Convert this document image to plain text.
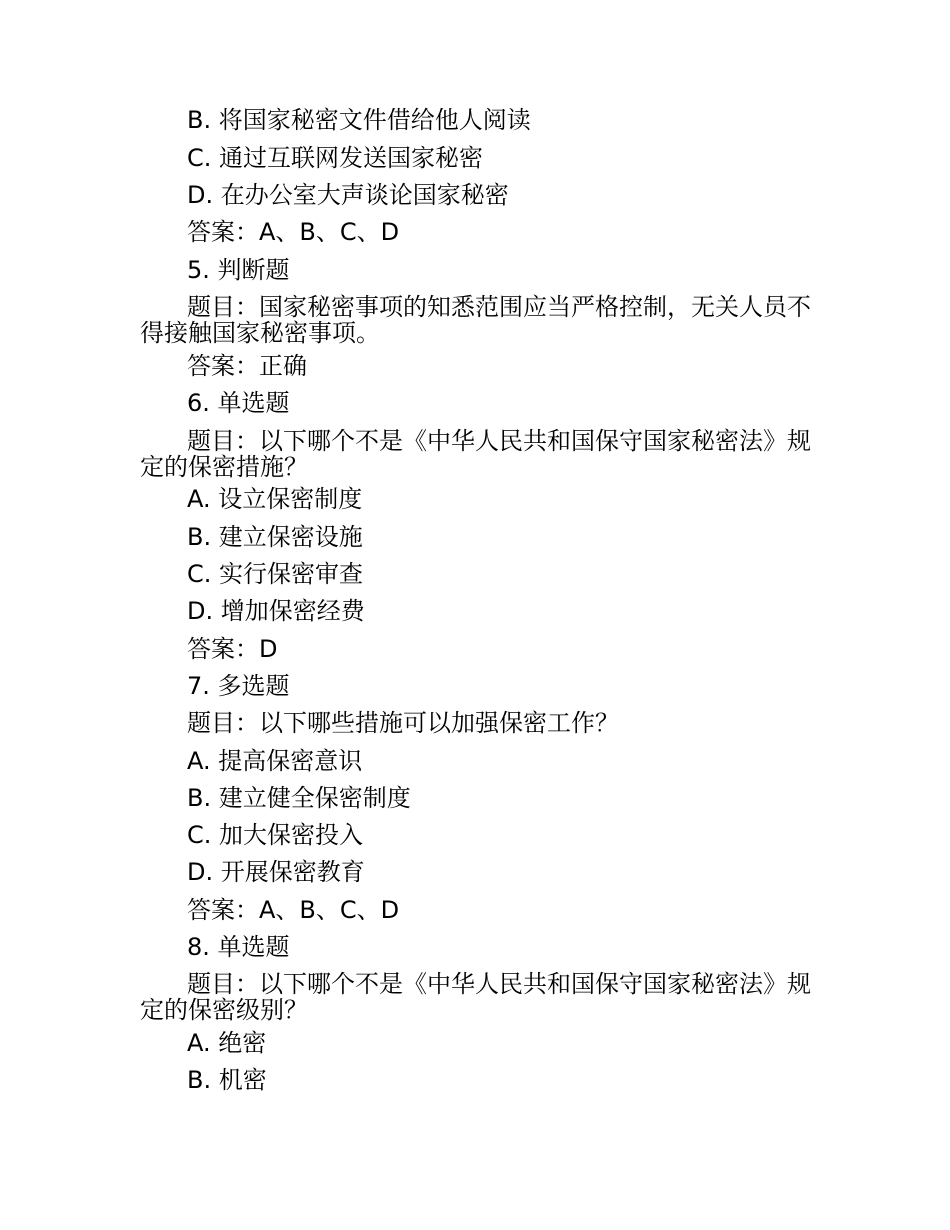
B. 将国家秘密文件借给他人阅读

C. 通过互联网发送国家秘密

D. 在办公室大声谈论国家秘密

答案：A、B、C、D

5. 判断题

题目：国家秘密事项的知悉范围应当严格控制，无关人员不得接触国家秘密事项。

答案：正确

6. 单选题

题目：以下哪个不是《中华人民共和国保守国家秘密法》规定的保密措施？

A. 设立保密制度

B. 建立保密设施

C. 实行保密审查

D. 增加保密经费

答案：D

7. 多选题

题目：以下哪些措施可以加强保密工作？

A. 提高保密意识

B. 建立健全保密制度

C. 加大保密投入

D. 开展保密教育

答案：A、B、C、D

8. 单选题

题目：以下哪个不是《中华人民共和国保守国家秘密法》规定的保密级别？

A. 绝密

B. 机密
